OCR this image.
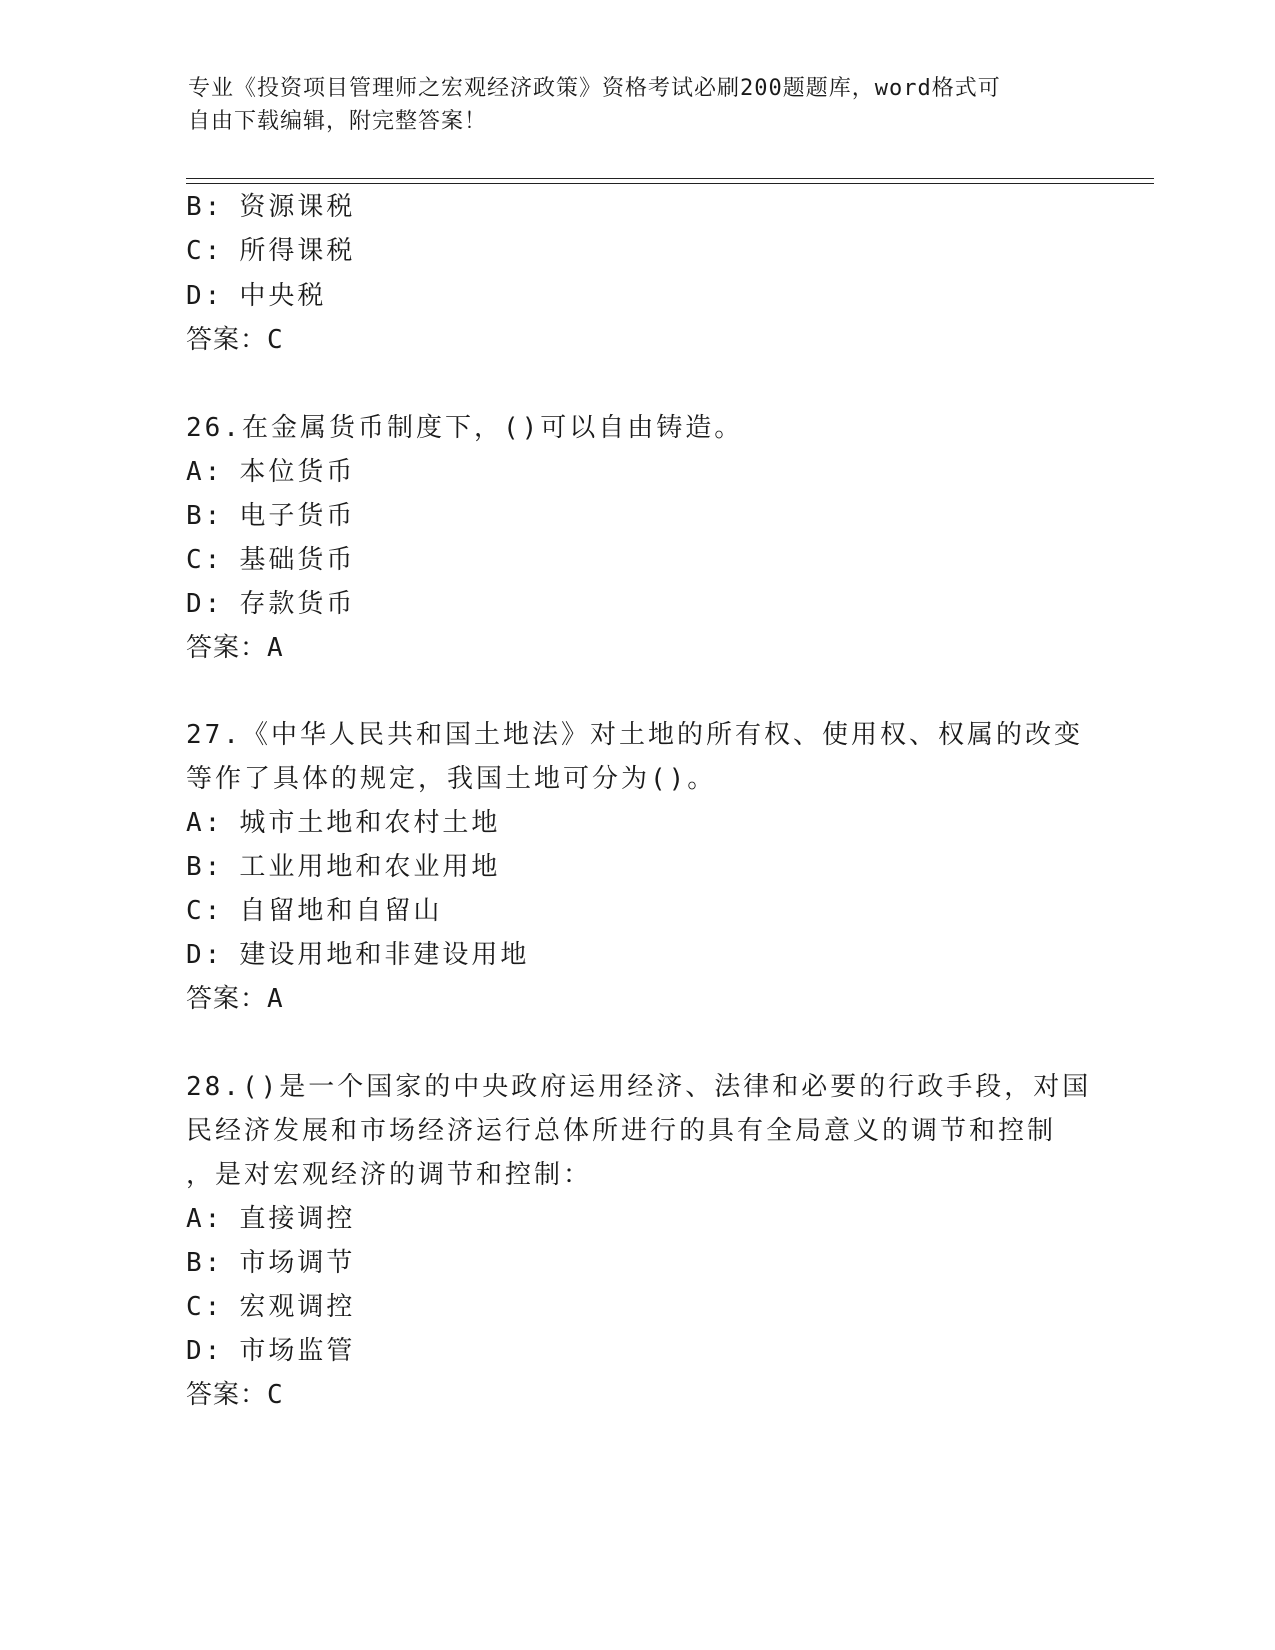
专业《投资项目管理师之宏观经济政策》资格考试必刷200题题库，word格式可
自由下载编辑，附完整答案！
B: 资源课税
C: 所得课税
D: 中央税
答案：C
26.在金属货币制度下，()可以自由铸造。
A: 本位货币
B: 电子货币
C: 基础货币
D: 存款货币
答案：A
27.《中华人民共和国土地法》对土地的所有权、使用权、权属的改变
等作了具体的规定，我国土地可分为()。
A: 城市土地和农村土地
B: 工业用地和农业用地
C: 自留地和自留山
D: 建设用地和非建设用地
答案：A
28.()是一个国家的中央政府运用经济、法律和必要的行政手段，对国
民经济发展和市场经济运行总体所进行的具有全局意义的调节和控制
，是对宏观经济的调节和控制：
A: 直接调控
B: 市场调节
C: 宏观调控
D: 市场监管
答案：C
